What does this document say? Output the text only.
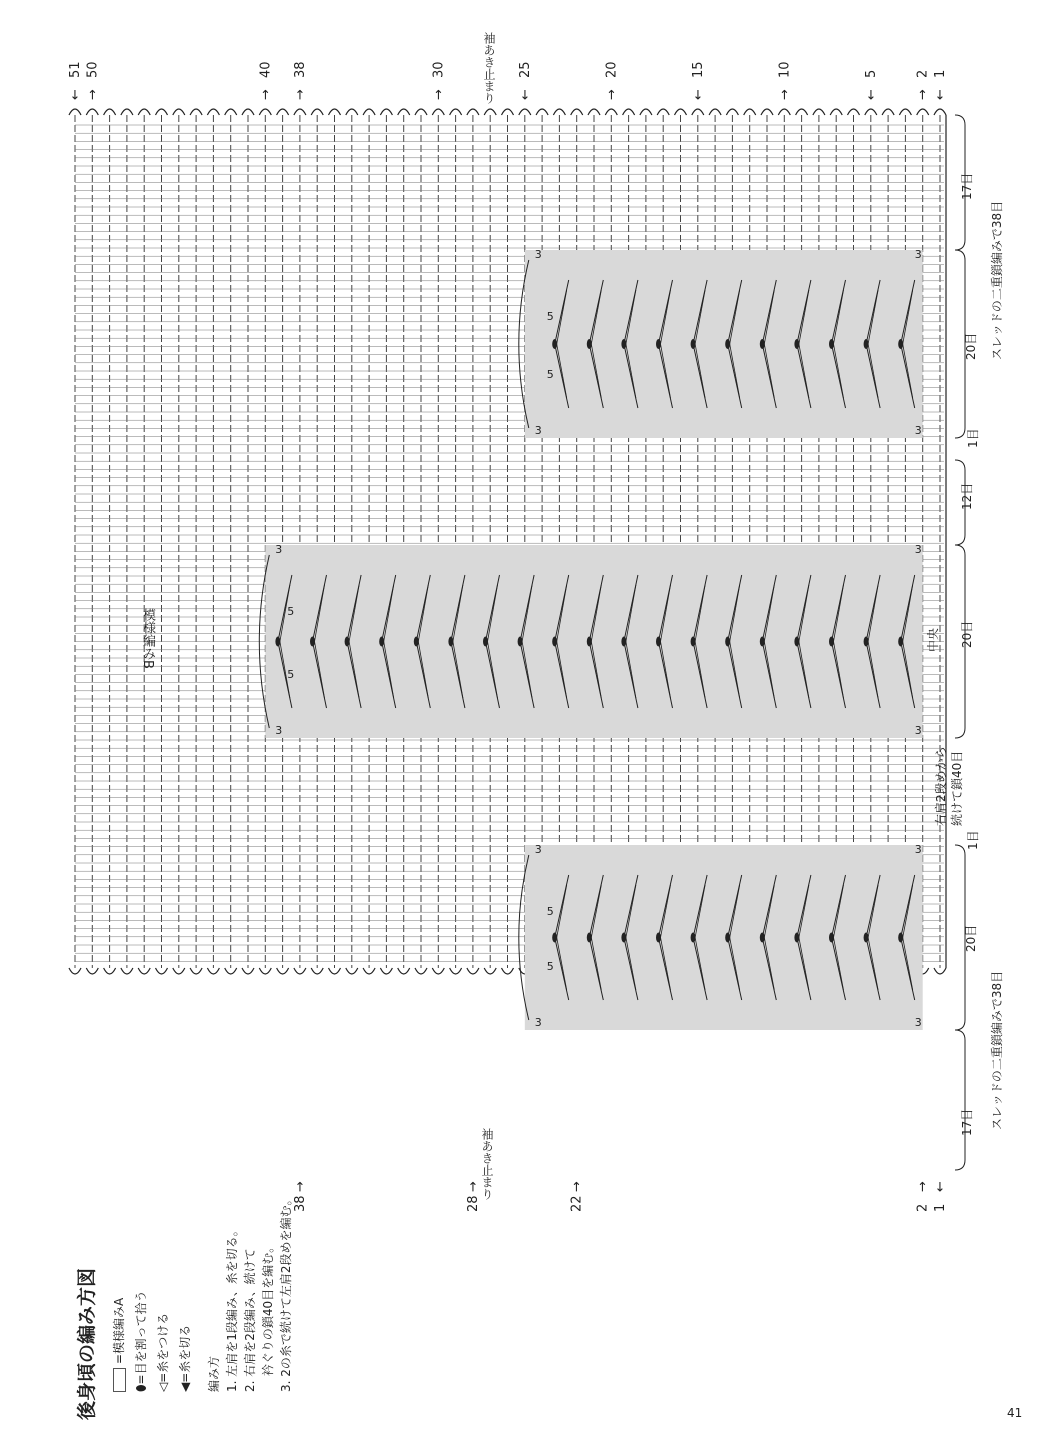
3
3
5
5
3
3
3
3
5
5
3
3
3
3
5
5
3
3
51
←
50
→
40
→
38
→
30
→
25
←
20
→
15
←
10
→
5
←
2
→
1
←
38
→
28
→
22
→
2
→
1
←
後身頃の編み方図 =模様編みA
⬮=目を割って拾う
◁=糸をつける
◀=糸を切る 編み方 1. 左肩を1段編み、糸を切る。 2. 右肩を2段編み、続けて 　 衿ぐりの鎖40目を編む。 3. 2の糸で続けて左肩2段めを編む。
模様編みB
袖あき止まり
袖あき止まり
17目
スレッドの二重鎖編みで38目
20目
1目
12目
20目
中央
右肩2段めから 続けて鎖40目
1目
20目
スレッドの二重鎖編みで38目
17目
41
